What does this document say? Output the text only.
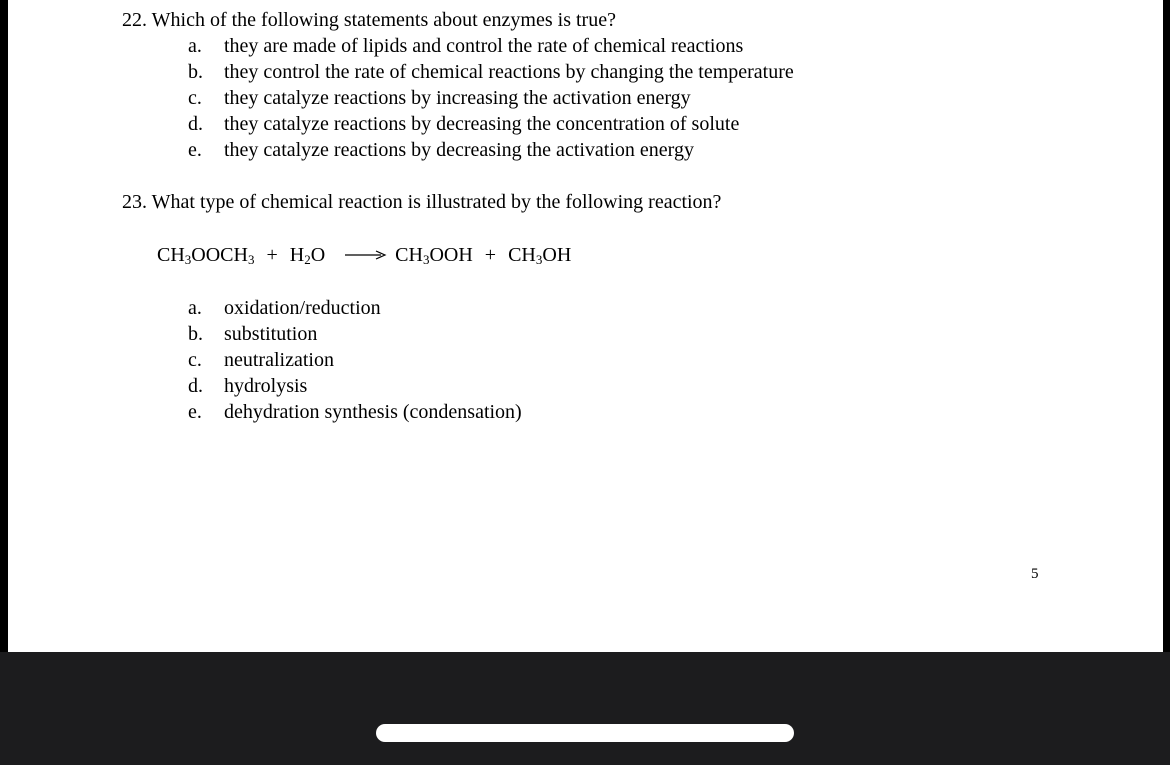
22. Which of the following statements about enzymes is true?
a.	they are made of lipids and control the rate of chemical reactions
b.	they control the rate of chemical reactions by changing the temperature
c.	they catalyze reactions by increasing the activation energy
d.	they catalyze reactions by decreasing the concentration of solute
e.	they catalyze reactions by decreasing the activation energy
23. What type of chemical reaction is illustrated by the following reaction?
$CH_3OOCH_3 + H_2O \to CH_3OOH + CH_3OH$
a.	oxidation/reduction
b.	substitution
c.	neutralization
d.	hydrolysis
e.	dehydration synthesis (condensation)
5
